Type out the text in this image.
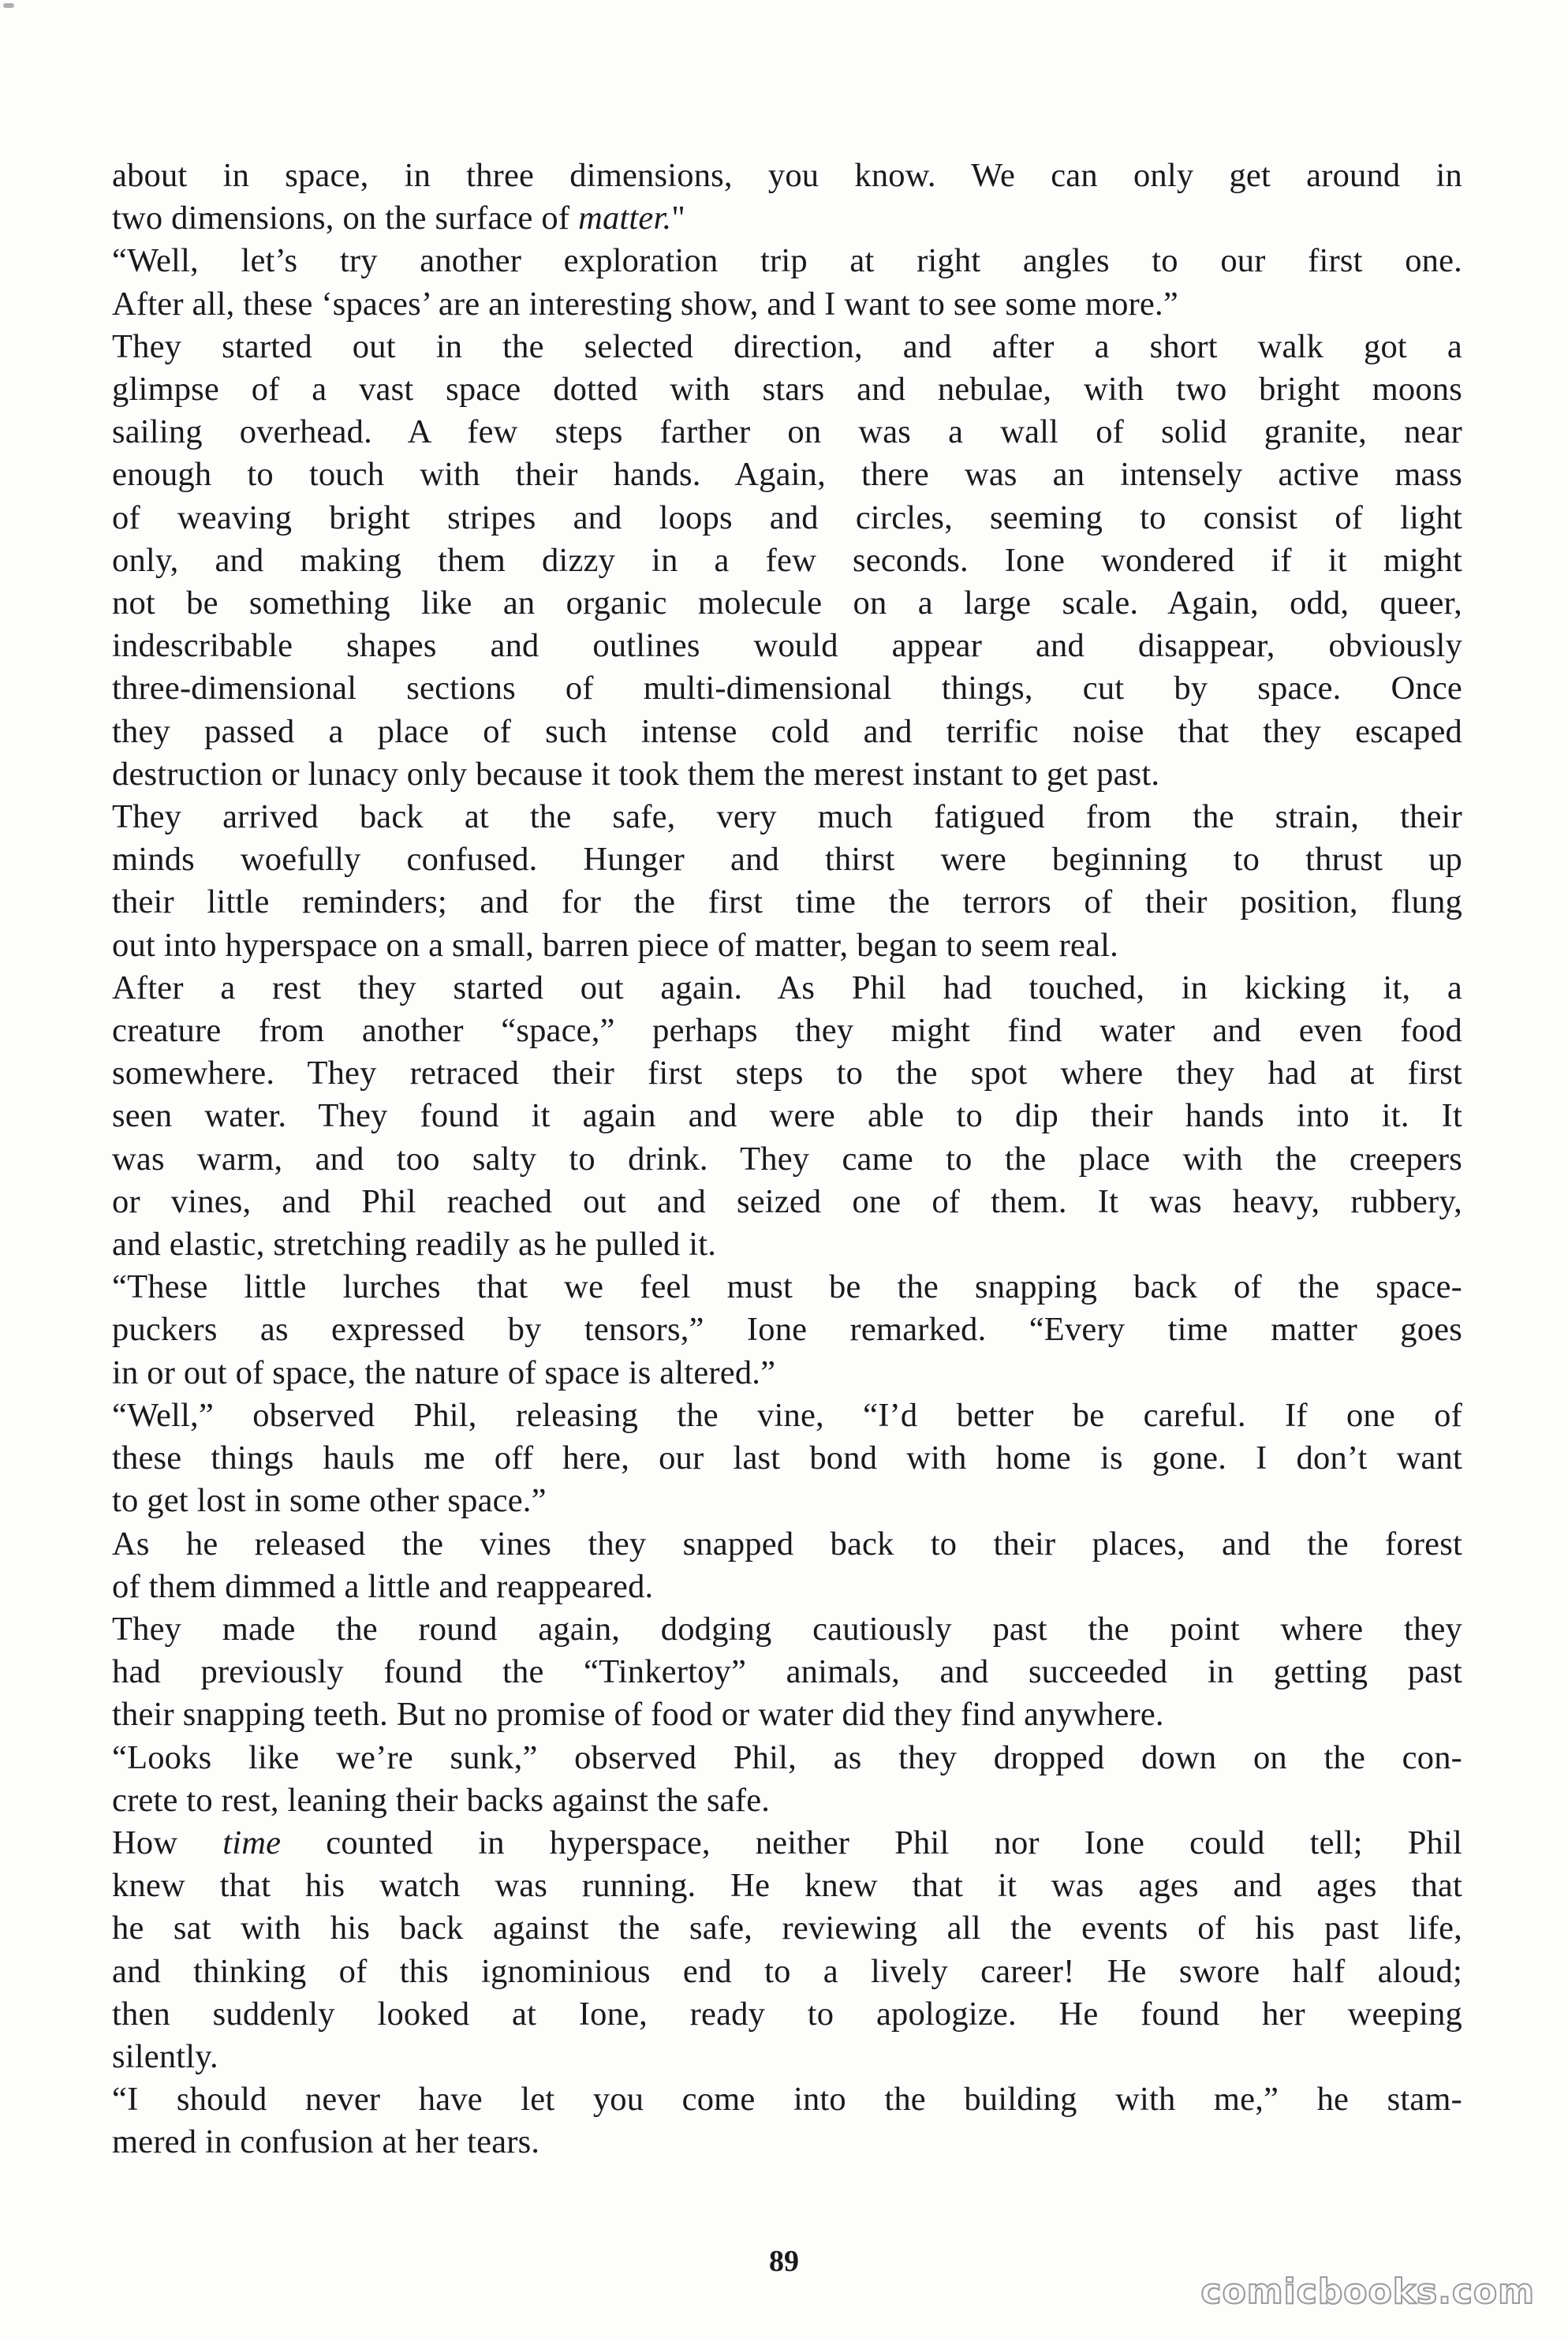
about in space, in three dimensions, you know. We can only get around in
two dimensions, on the surface of matter."
“Well, let’s try another exploration trip at right angles to our first one.
After all, these ‘spaces’ are an interesting show, and I want to see some more.”
They started out in the selected direction, and after a short walk got a
glimpse of a vast space dotted with stars and nebulae, with two bright moons
sailing overhead. A few steps farther on was a wall of solid granite, near
enough to touch with their hands. Again, there was an intensely active mass
of weaving bright stripes and loops and circles, seeming to consist of light
only, and making them dizzy in a few seconds. Ione wondered if it might
not be something like an organic molecule on a large scale. Again, odd, queer,
indescribable shapes and outlines would appear and disappear, obviously
three-dimensional sections of multi-dimensional things, cut by space. Once
they passed a place of such intense cold and terrific noise that they escaped
destruction or lunacy only because it took them the merest instant to get past.
They arrived back at the safe, very much fatigued from the strain, their
minds woefully confused. Hunger and thirst were beginning to thrust up
their little reminders; and for the first time the terrors of their position, flung
out into hyperspace on a small, barren piece of matter, began to seem real.
After a rest they started out again. As Phil had touched, in kicking it, a
creature from another “space,” perhaps they might find water and even food
somewhere. They retraced their first steps to the spot where they had at first
seen water. They found it again and were able to dip their hands into it. It
was warm, and too salty to drink. They came to the place with the creepers
or vines, and Phil reached out and seized one of them. It was heavy, rubbery,
and elastic, stretching readily as he pulled it.
“These little lurches that we feel must be the snapping back of the space-
puckers as expressed by tensors,” Ione remarked. “Every time matter goes
in or out of space, the nature of space is altered.”
“Well,” observed Phil, releasing the vine, “I’d better be careful. If one of
these things hauls me off here, our last bond with home is gone. I don’t want
to get lost in some other space.”
As he released the vines they snapped back to their places, and the forest
of them dimmed a little and reappeared.
They made the round again, dodging cautiously past the point where they
had previously found the “Tinkertoy” animals, and succeeded in getting past
their snapping teeth. But no promise of food or water did they find anywhere.
“Looks like we’re sunk,” observed Phil, as they dropped down on the con-
crete to rest, leaning their backs against the safe.
How time counted in hyperspace, neither Phil nor Ione could tell; Phil
knew that his watch was running. He knew that it was ages and ages that
he sat with his back against the safe, reviewing all the events of his past life,
and thinking of this ignominious end to a lively career! He swore half aloud;
then suddenly looked at Ione, ready to apologize. He found her weeping
silently.
“I should never have let you come into the building with me,” he stam-
mered in confusion at her tears.
89
comicbooks.com
